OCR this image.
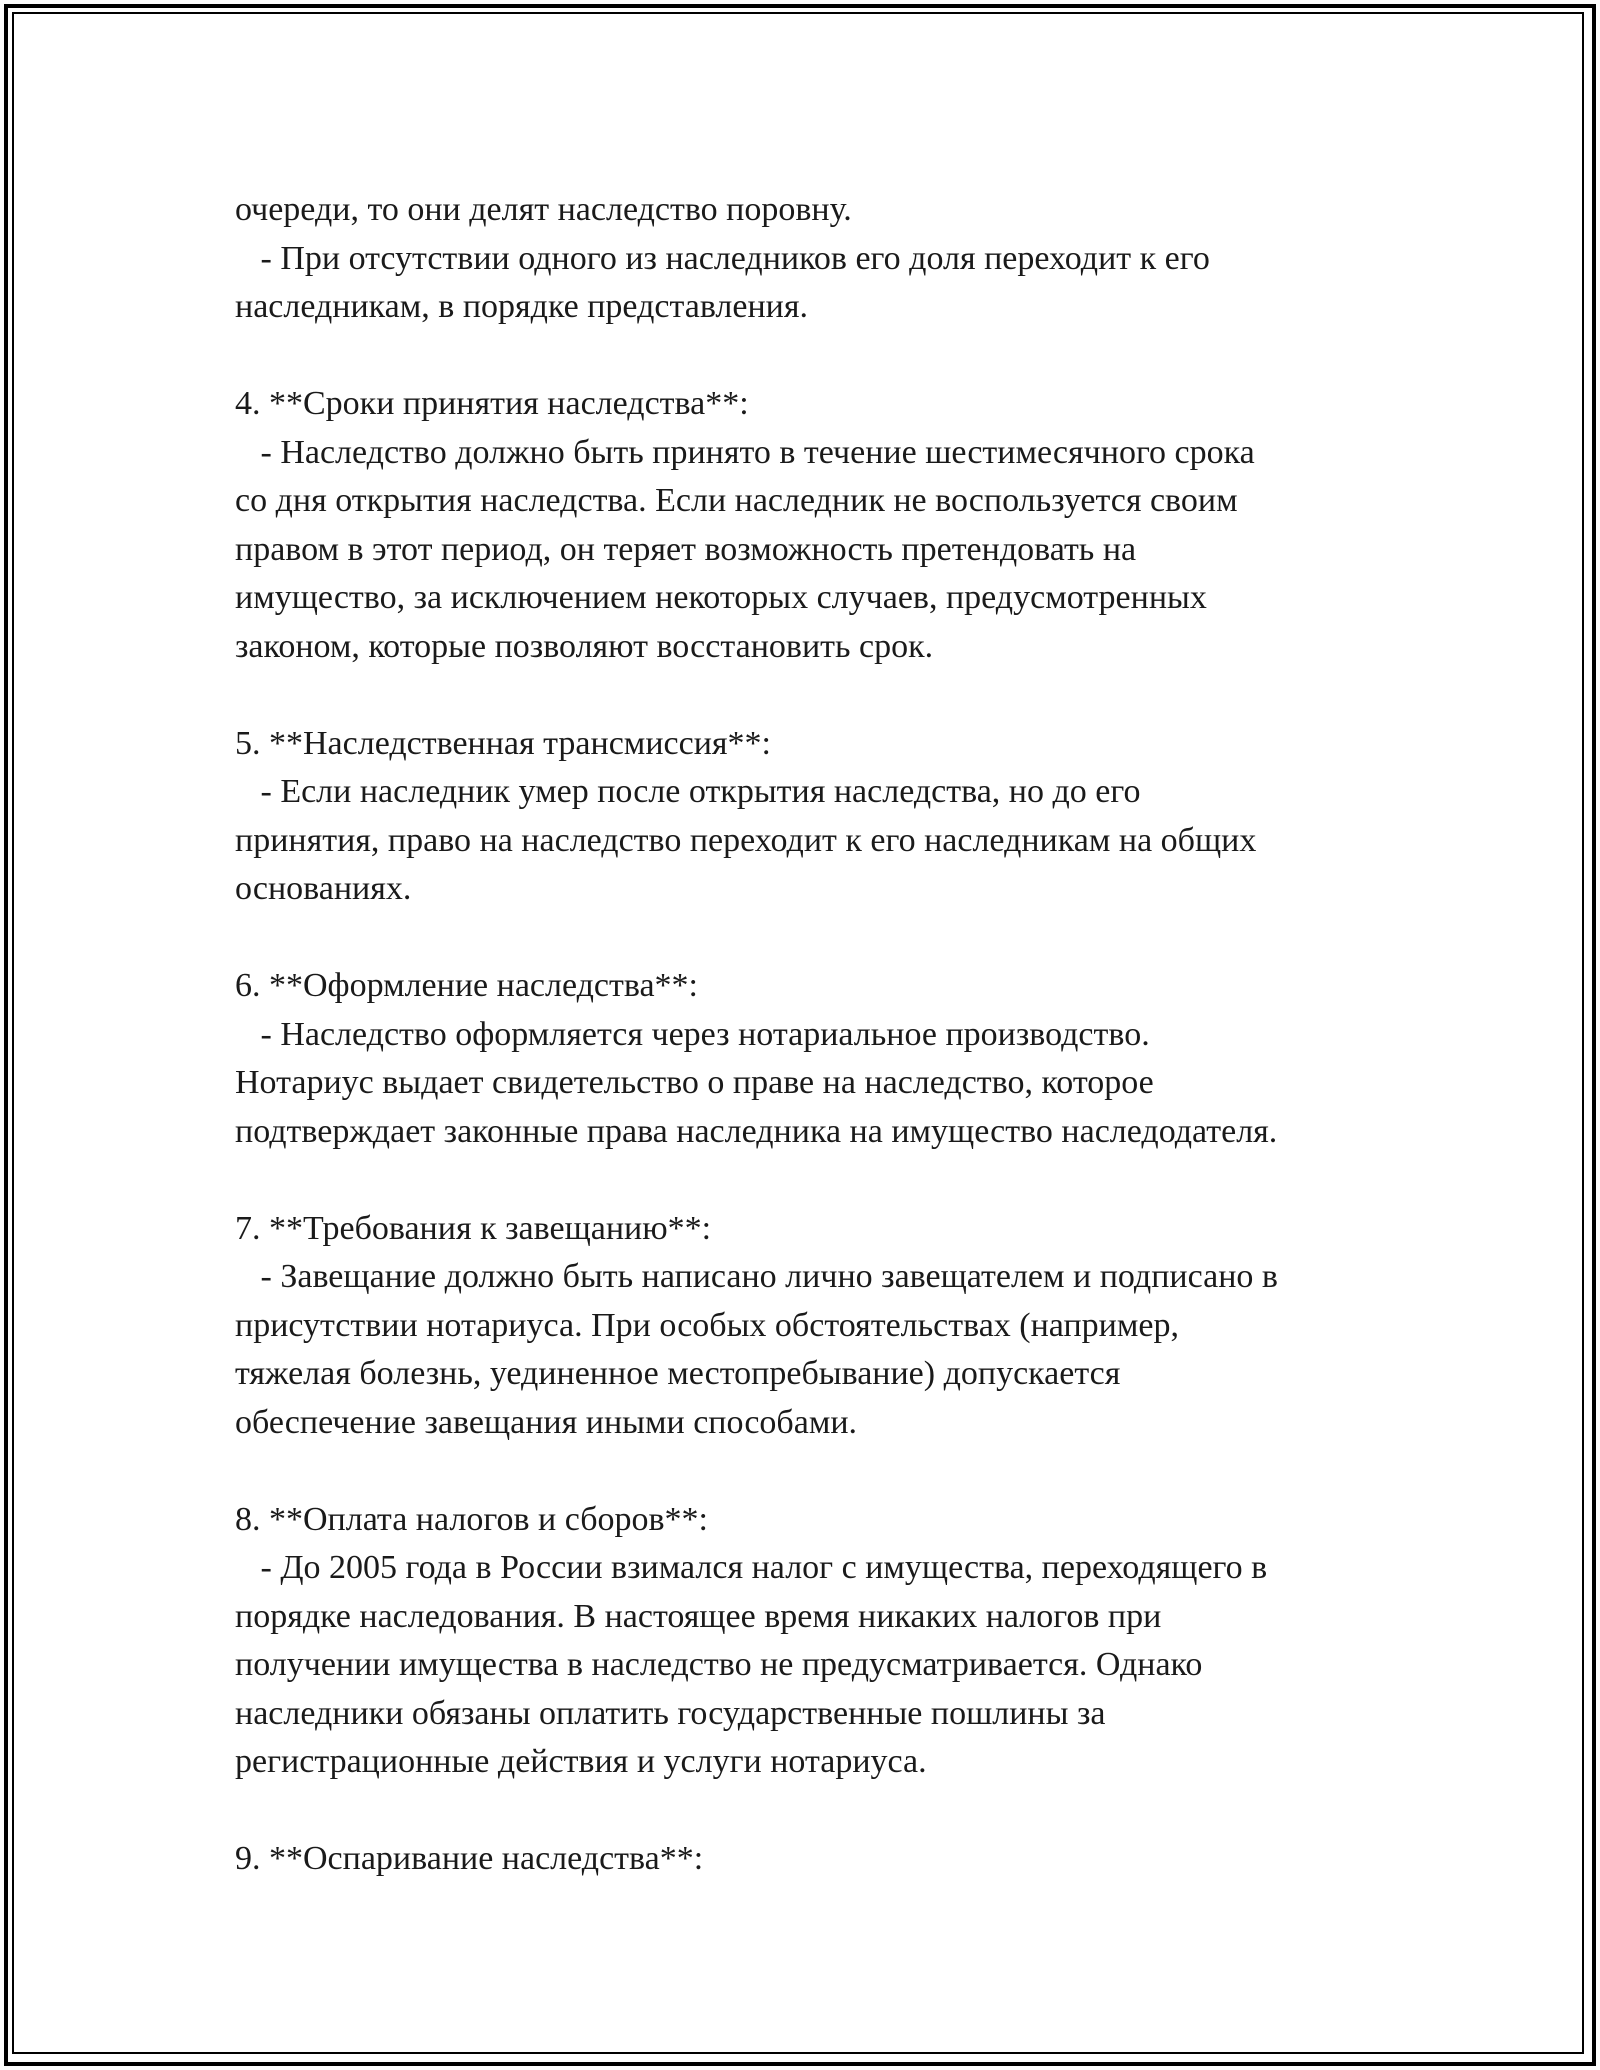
очереди, то они делят наследство поровну.
- При отсутствии одного из наследников его доля переходит к его
наследникам, в порядке представления.
4. **Сроки принятия наследства**:
- Наследство должно быть принято в течение шестимесячного срока
со дня открытия наследства. Если наследник не воспользуется своим
правом в этот период, он теряет возможность претендовать на
имущество, за исключением некоторых случаев, предусмотренных
законом, которые позволяют восстановить срок.
5. **Наследственная трансмиссия**:
- Если наследник умер после открытия наследства, но до его
принятия, право на наследство переходит к его наследникам на общих
основаниях.
6. **Оформление наследства**:
- Наследство оформляется через нотариальное производство.
Нотариус выдает свидетельство о праве на наследство, которое
подтверждает законные права наследника на имущество наследодателя.
7. **Требования к завещанию**:
- Завещание должно быть написано лично завещателем и подписано в
присутствии нотариуса. При особых обстоятельствах (например,
тяжелая болезнь, уединенное местопребывание) допускается
обеспечение завещания иными способами.
8. **Оплата налогов и сборов**:
- До 2005 года в России взимался налог с имущества, переходящего в
порядке наследования. В настоящее время никаких налогов при
получении имущества в наследство не предусматривается. Однако
наследники обязаны оплатить государственные пошлины за
регистрационные действия и услуги нотариуса.
9. **Оспаривание наследства**:
